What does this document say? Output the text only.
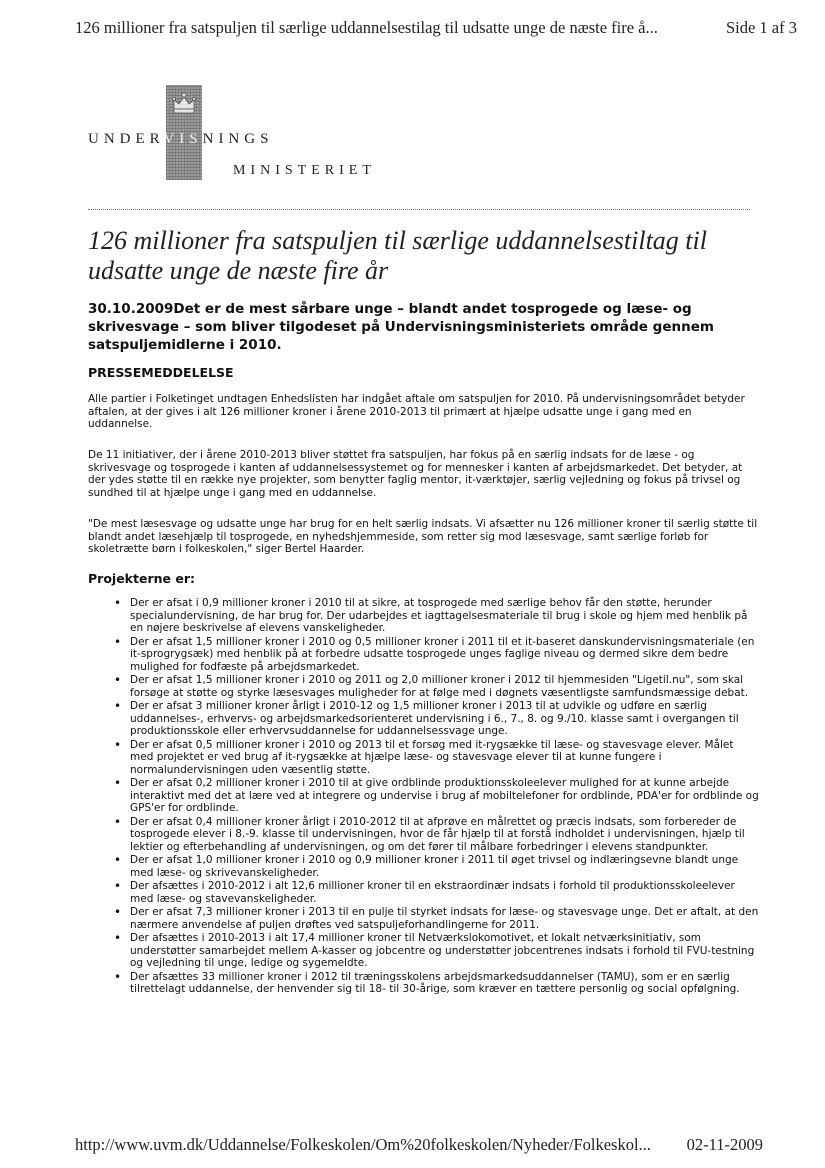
126 millioner fra satspuljen til særlige uddannelsestilag til udsatte unge de næste fire å...	Side 1 af 3
UNDERVISNINGS
MINISTERIET
126 millioner fra satspuljen til særlige uddannelsestiltag til udsatte unge de næste fire år

30.10.2009Det er de mest sårbare unge – blandt andet tosprogede og læse- og skrivesvage – som bliver tilgodeset på Undervisningsministeriets område gennem satspuljemidlerne i 2010.

PRESSEMEDDELELSE

Alle partier i Folketinget undtagen Enhedslisten har indgået aftale om satspuljen for 2010. På undervisningsområdet betyder aftalen, at der gives i alt 126 millioner kroner i årene 2010-2013 til primært at hjælpe udsatte unge i gang med en uddannelse.

De 11 initiativer, der i årene 2010-2013 bliver støttet fra satspuljen, har fokus på en særlig indsats for de læse - og skrivesvage og tosprogede i kanten af uddannelsessystemet og for mennesker i kanten af arbejdsmarkedet. Det betyder, at der ydes støtte til en række nye projekter, som benytter faglig mentor, it-værktøjer, særlig vejledning og fokus på trivsel og sundhed til at hjælpe unge i gang med en uddannelse.

"De mest læsesvage og udsatte unge har brug for en helt særlig indsats. Vi afsætter nu 126 millioner kroner til særlig støtte til blandt andet læsehjælp til tosprogede, en nyhedshjemmeside, som retter sig mod læsesvage, samt særlige forløb for skoletrætte børn i folkeskolen," siger Bertel Haarder.

Projekterne er:
• Der er afsat i 0,9 millioner kroner i 2010 til at sikre, at tosprogede med særlige behov får den støtte, herunder specialundervisning, de har brug for. Der udarbejdes et iagttagelsesmateriale til brug i skole og hjem med henblik på en nøjere beskrivelse af elevens vanskeligheder.
• Der er afsat 1,5 millioner kroner i 2010 og 0,5 millioner kroner i 2011 til et it-baseret danskundervisningsmateriale (en it-sprogrygsæk) med henblik på at forbedre udsatte tosprogede unges faglige niveau og dermed sikre dem bedre mulighed for fodfæste på arbejdsmarkedet.
• Der er afsat 1,5 millioner kroner i 2010 og 2011 og 2,0 millioner kroner i 2012 til hjemmesiden "Ligetil.nu", som skal forsøge at støtte og styrke læsesvages muligheder for at følge med i døgnets væsentligste samfundsmæssige debat.
• Der er afsat 3 millioner kroner årligt i 2010-12 og 1,5 millioner kroner i 2013 til at udvikle og udføre en særlig uddannelses-, erhvervs- og arbejdsmarkedsorienteret undervisning i 6., 7., 8. og 9./10. klasse samt i overgangen til produktionsskole eller erhvervsuddannelse for uddannelsessvage unge.
• Der er afsat 0,5 millioner kroner i 2010 og 2013 til et forsøg med it-rygsække til læse- og stavesvage elever. Målet med projektet er ved brug af it-rygsække at hjælpe læse- og stavesvage elever til at kunne fungere i normalundervisningen uden væsentlig støtte.
• Der er afsat 0,2 millioner kroner i 2010 til at give ordblinde produktionsskoleelever mulighed for at kunne arbejde interaktivt med det at lære ved at integrere og undervise i brug af mobiltelefoner for ordblinde, PDA'er for ordblinde og GPS'er for ordblinde.
• Der er afsat 0,4 millioner kroner årligt i 2010-2012 til at afprøve en målrettet og præcis indsats, som forbereder de tosprogede elever i 8.-9. klasse til undervisningen, hvor de får hjælp til at forstå indholdet i undervisningen, hjælp til lektier og efterbehandling af undervisningen, og om det fører til målbare forbedringer i elevens standpunkter.
• Der er afsat 1,0 millioner kroner i 2010 og 0,9 millioner kroner i 2011 til øget trivsel og indlæringsevne blandt unge med læse- og skrivevanskeligheder.
• Der afsættes i 2010-2012 i alt 12,6 millioner kroner til en ekstraordinær indsats i forhold til produktionsskoleelever med læse- og stavevanskeligheder.
• Der er afsat 7,3 millioner kroner i 2013 til en pulje til styrket indsats for læse- og stavesvage unge. Det er aftalt, at den nærmere anvendelse af puljen drøftes ved satspuljeforhandlingerne for 2011.
• Der afsættes i 2010-2013 i alt 17,4 millioner kroner til Netværkslokomotivet, et lokalt netværksinitiativ, som understøtter samarbejdet mellem A-kasser og jobcentre og understøtter jobcentrenes indsats i forhold til FVU-testning og vejledning til unge, ledige og sygemeldte.
• Der afsættes 33 millioner kroner i 2012 til træningsskolens arbejdsmarkedsuddannelser (TAMU), som er en særlig tilrettelagt uddannelse, der henvender sig til 18- til 30-årige, som kræver en tættere personlig og social opfølgning.
http://www.uvm.dk/Uddannelse/Folkeskolen/Om%20folkeskolen/Nyheder/Folkeskol... 02-11-2009
